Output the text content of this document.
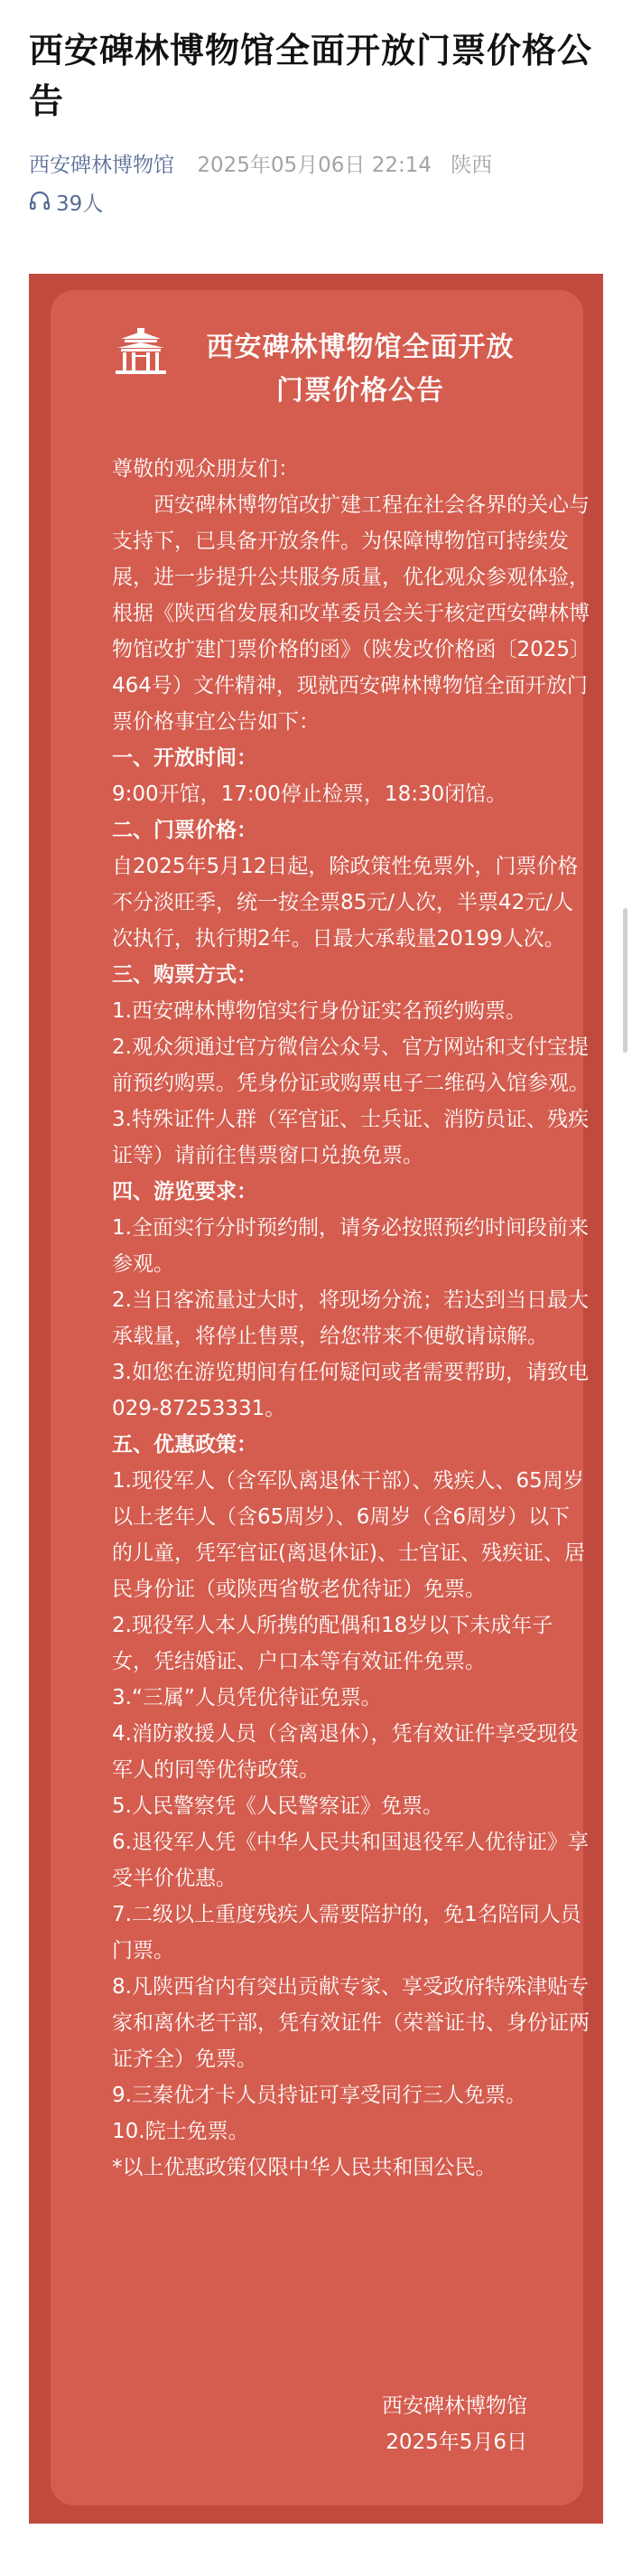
西安碑林博物馆全面开放门票价格公告
西安碑林博物馆 2025年05月06日 22:14 陕西
39人
西安碑林博物馆全面开放
门票价格公告

尊敬的观众朋友们：

西安碑林博物馆改扩建工程在社会各界的关心与支持下，已具备开放条件。为保障博物馆可持续发展，进一步提升公共服务质量，优化观众参观体验，根据《陕西省发展和改革委员会关于核定西安碑林博物馆改扩建门票价格的函》（陕发改价格函〔2025〕464号）文件精神，现就西安碑林博物馆全面开放门票价格事宜公告如下：

一、开放时间：

9:00开馆，17:00停止检票，18:30闭馆。

二、门票价格：

自2025年5月12日起，除政策性免票外，门票价格不分淡旺季，统一按全票85元/人次，半票42元/人次执行，执行期2年。日最大承载量20199人次。

三、购票方式：

1.西安碑林博物馆实行身份证实名预约购票。

2.观众须通过官方微信公众号、官方网站和支付宝提前预约购票。凭身份证或购票电子二维码入馆参观。

3.特殊证件人群（军官证、士兵证、消防员证、残疾证等）请前往售票窗口兑换免票。

四、游览要求：

1.全面实行分时预约制，请务必按照预约时间段前来参观。

2.当日客流量过大时，将现场分流；若达到当日最大承载量，将停止售票，给您带来不便敬请谅解。

3.如您在游览期间有任何疑问或者需要帮助，请致电029-87253331。

五、优惠政策：

1.现役军人（含军队离退休干部）、残疾人、65周岁以上老年人（含65周岁）、6周岁（含6周岁）以下的儿童，凭军官证(离退休证)、士官证、残疾证、居民身份证（或陕西省敬老优待证）免票。

2.现役军人本人所携的配偶和18岁以下未成年子女，凭结婚证、户口本等有效证件免票。

3.“三属”人员凭优待证免票。

4.消防救援人员（含离退休），凭有效证件享受现役军人的同等优待政策。

5.人民警察凭《人民警察证》免票。

6.退役军人凭《中华人民共和国退役军人优待证》享受半价优惠。

7.二级以上重度残疾人需要陪护的，免1名陪同人员门票。

8.凡陕西省内有突出贡献专家、享受政府特殊津贴专家和离休老干部，凭有效证件（荣誉证书、身份证两证齐全）免票。

9.三秦优才卡人员持证可享受同行三人免票。

10.院士免票。

*以上优惠政策仅限中华人民共和国公民。

西安碑林博物馆
2025年5月6日
